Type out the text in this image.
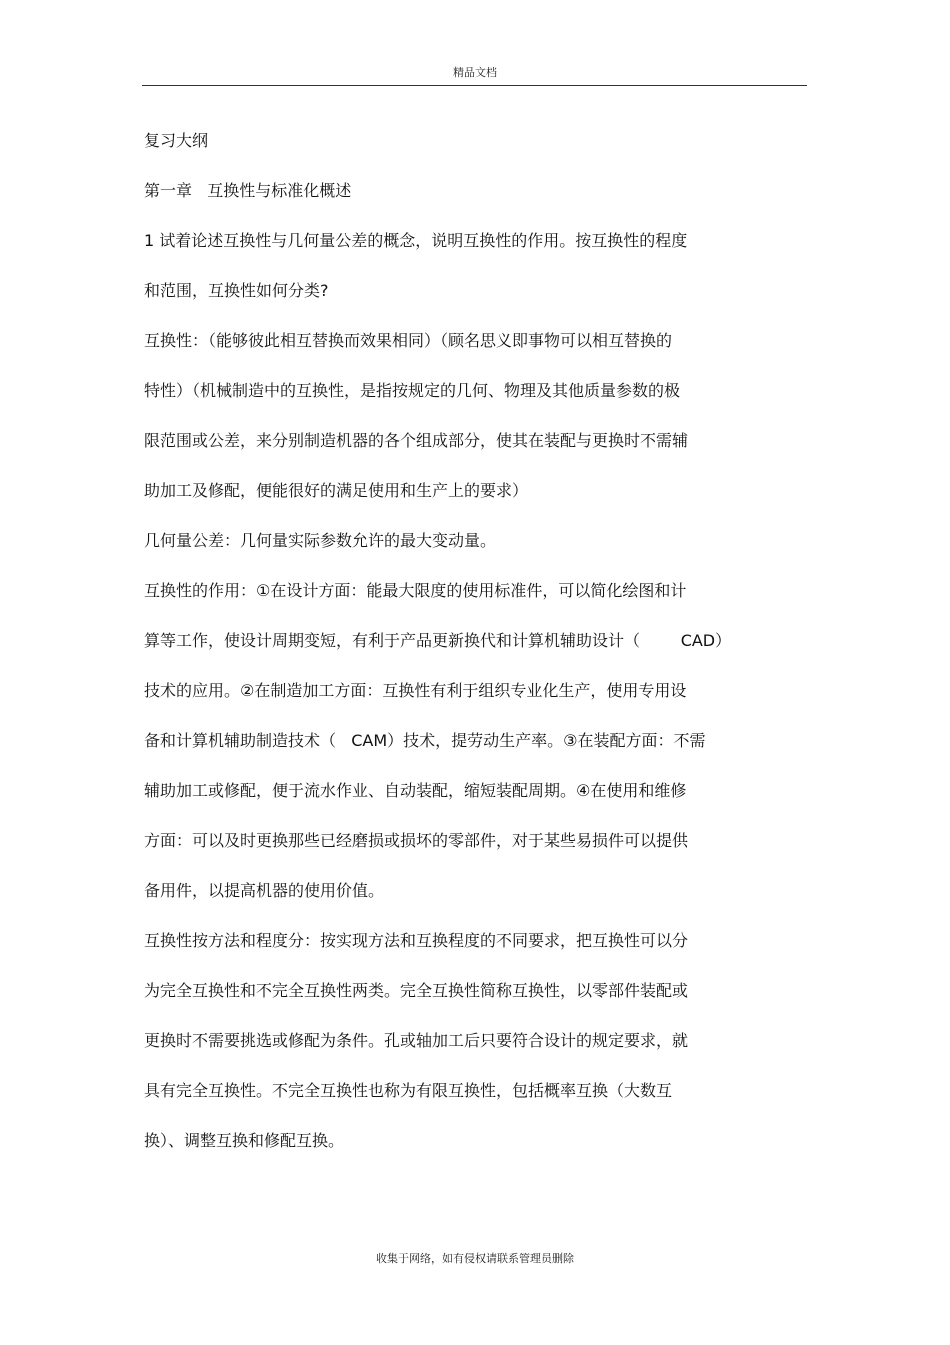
精品文档
复习大纲
第一章   互换性与标准化概述
1 试着论述互换性与几何量公差的概念，说明互换性的作用。按互换性的程度
和范围，互换性如何分类?
互换性：（能够彼此相互替换而效果相同）（顾名思义即事物可以相互替换的
特性）（机械制造中的互换性，是指按规定的几何、物理及其他质量参数的极
限范围或公差，来分别制造机器的各个组成部分，使其在装配与更换时不需辅
助加工及修配，便能很好的满足使用和生产上的要求）
几何量公差：几何量实际参数允许的最大变动量。
互换性的作用：①在设计方面：能最大限度的使用标准件，可以简化绘图和计
算等工作，使设计周期变短，有利于产品更新换代和计算机辅助设计（        CAD）
技术的应用。②在制造加工方面：互换性有利于组织专业化生产，使用专用设
备和计算机辅助制造技术（   CAM）技术，提劳动生产率。③在装配方面：不需
辅助加工或修配，便于流水作业、自动装配，缩短装配周期。④在使用和维修
方面：可以及时更换那些已经磨损或损坏的零部件，对于某些易损件可以提供
备用件，以提高机器的使用价值。
互换性按方法和程度分：按实现方法和互换程度的不同要求，把互换性可以分
为完全互换性和不完全互换性两类。完全互换性简称互换性，以零部件装配或
更换时不需要挑选或修配为条件。孔或轴加工后只要符合设计的规定要求，就
具有完全互换性。不完全互换性也称为有限互换性，包括概率互换（大数互
换）、调整互换和修配互换。
收集于网络，如有侵权请联系管理员删除
